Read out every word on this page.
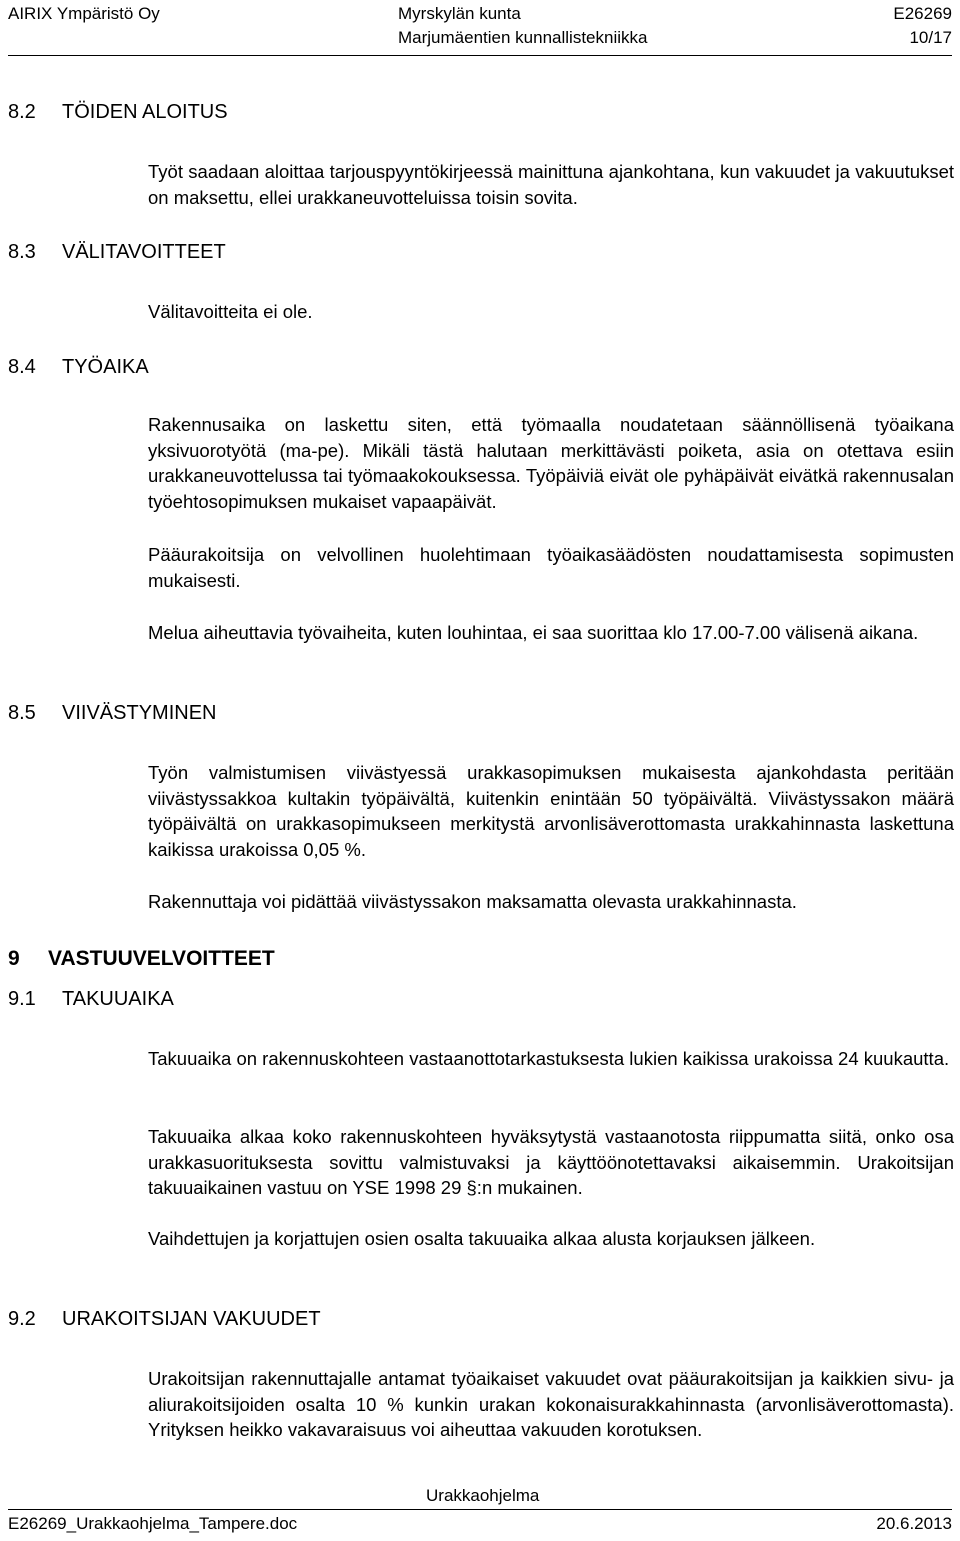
AIRIX Ympäristö Oy	Myrskylän kunta
Marjumäentien kunnallistekniikka
E26269
10/17
8.2 TÖIDEN ALOITUS

Työt saadaan aloittaa tarjouspyyntökirjeessä mainittuna ajankohtana, kun vakuudet ja vakuutukset on maksettu, ellei urakkaneuvotteluissa toisin sovita.

8.3 VÄLITAVOITTEET

Välitavoitteita ei ole.

8.4 TYÖAIKA

Rakennusaika on laskettu siten, että työmaalla noudatetaan säännöllisenä työaikana yksivuorotyötä (ma-pe). Mikäli tästä halutaan merkittävästi poiketa, asia on otettava esiin urakkaneuvottelussa tai työmaakokouksessa. Työpäiviä eivät ole pyhäpäivät eivätkä rakennusalan työehtosopimuksen mukaiset vapaapäivät.

Pääurakoitsija on velvollinen huolehtimaan työaikasäädösten noudattamisesta sopimusten mukaisesti.

Melua aiheuttavia työvaiheita, kuten louhintaa, ei saa suorittaa klo 17.00-7.00 välisenä aikana.

8.5 VIIVÄSTYMINEN

Työn valmistumisen viivästyessä urakkasopimuksen mukaisesta ajankohdasta peritään viivästyssakkoa kultakin työpäivältä, kuitenkin enintään 50 työpäivältä. Viivästyssakon määrä työpäivältä on urakkasopimukseen merkitystä arvonlisäverottomasta urakkahinnasta laskettuna kaikissa urakoissa 0,05 %.

Rakennuttaja voi pidättää viivästyssakon maksamatta olevasta urakkahinnasta.

9 VASTUUVELVOITTEET
9.1 TAKUUAIKA

Takuuaika on rakennuskohteen vastaanottotarkastuksesta lukien kaikissa urakoissa 24 kuukautta.

Takuuaika alkaa koko rakennuskohteen hyväksytystä vastaanotosta riippumatta siitä, onko osa urakkasuorituksesta sovittu valmistuvaksi ja käyttöönotettavaksi aikaisemmin. Urakoitsijan takuuaikainen vastuu on YSE 1998 29 §:n mukainen.

Vaihdettujen ja korjattujen osien osalta takuuaika alkaa alusta korjauksen jälkeen.

9.2 URAKOITSIJAN VAKUUDET

Urakoitsijan rakennuttajalle antamat työaikaiset vakuudet ovat pääurakoitsijan ja kaikkien sivu- ja aliurakoitsijoiden osalta 10 % kunkin urakan kokonaisurakkahinnasta (arvonlisäverottomasta). Yrityksen heikko vakavaraisuus voi aiheuttaa vakuuden korotuksen.

Urakkaohjelma
E26269_Urakkaohjelma_Tampere.doc	20.6.2013
